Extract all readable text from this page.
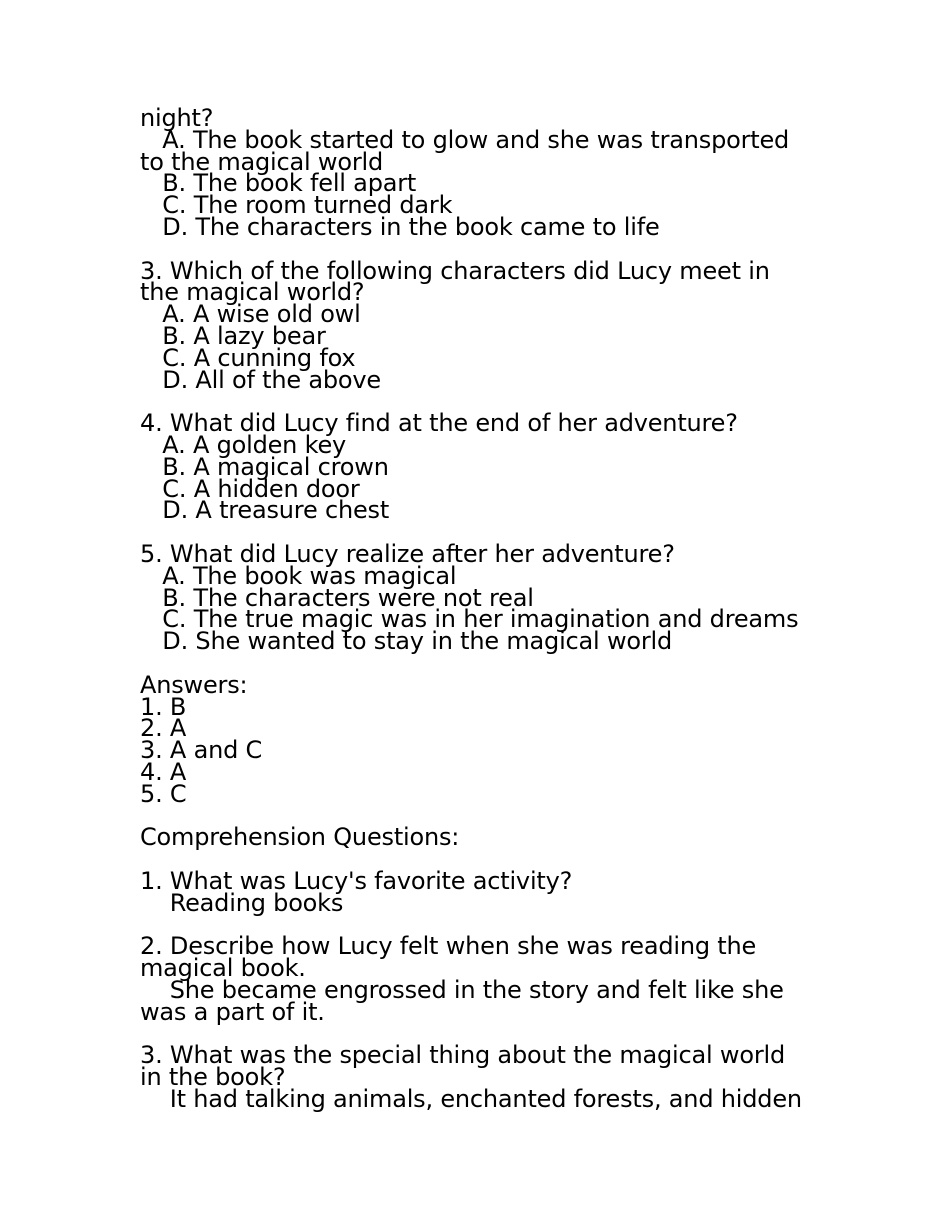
night?
A. The book started to glow and she was transported
to the magical world
B. The book fell apart
C. The room turned dark
D. The characters in the book came to life
3. Which of the following characters did Lucy meet in
the magical world?
A. A wise old owl
B. A lazy bear
C. A cunning fox
D. All of the above
4. What did Lucy find at the end of her adventure?
A. A golden key
B. A magical crown
C. A hidden door
D. A treasure chest
5. What did Lucy realize after her adventure?
A. The book was magical
B. The characters were not real
C. The true magic was in her imagination and dreams
D. She wanted to stay in the magical world
Answers:
1. B
2. A
3. A and C
4. A
5. C
Comprehension Questions:
1. What was Lucy's favorite activity?
Reading books
2. Describe how Lucy felt when she was reading the
magical book.
She became engrossed in the story and felt like she
was a part of it.
3. What was the special thing about the magical world
in the book?
It had talking animals, enchanted forests, and hidden
